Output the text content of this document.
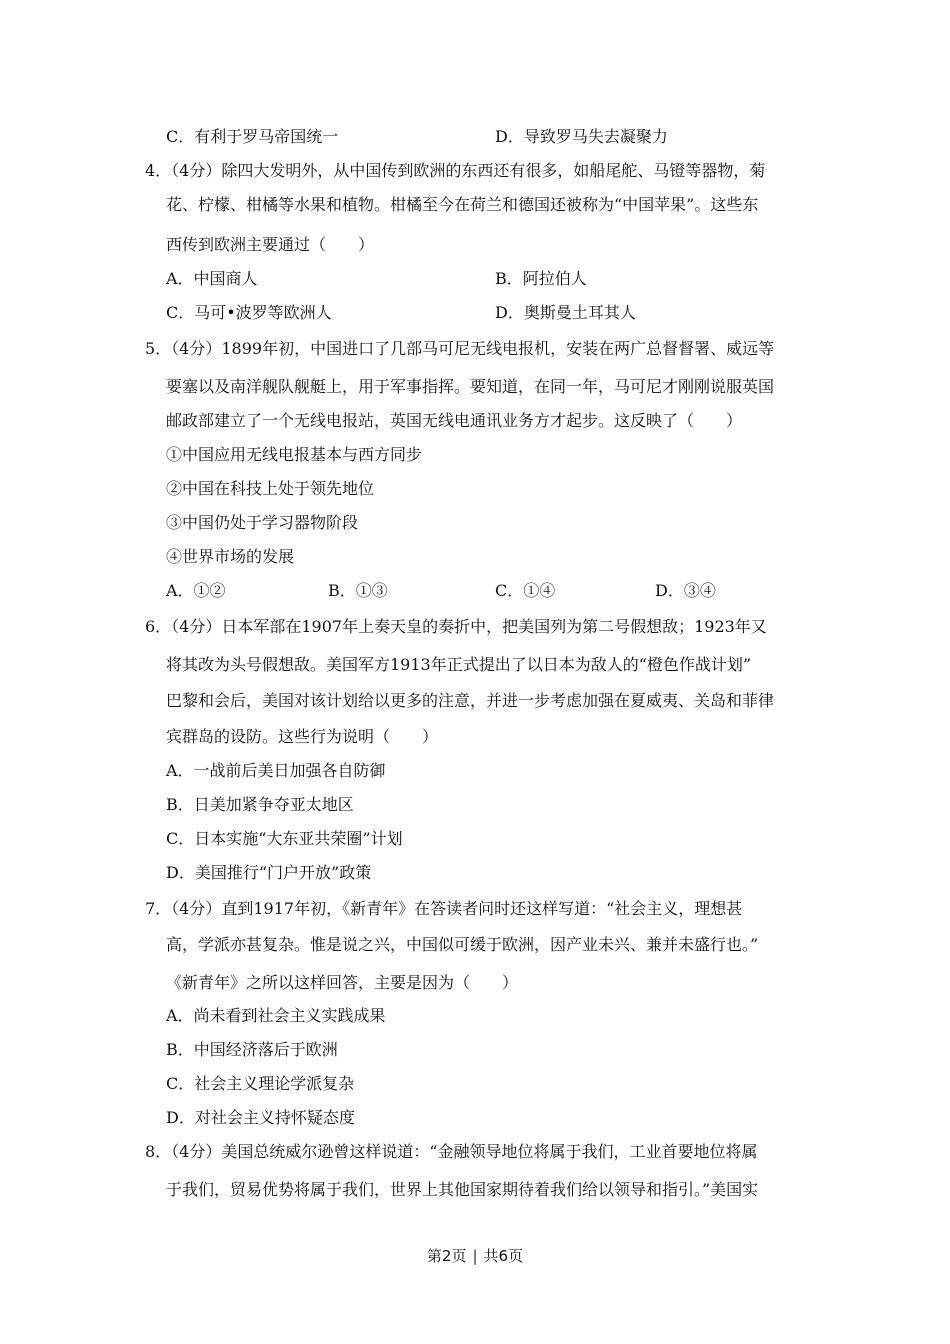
C．有利于罗马帝国统一	D．导致罗马失去凝聚力
4．（4分）除四大发明外，从中国传到欧洲的东西还有很多，如船尾舵、马镫等器物，菊
花、柠檬、柑橘等水果和植物。柑橘至今在荷兰和德国还被称为“中国苹果”。这些东
西传到欧洲主要通过（　　）
A．中国商人	B．阿拉伯人
C．马可•波罗等欧洲人	D．奥斯曼土耳其人
5．（4分）1899年初，中国进口了几部马可尼无线电报机，安装在两广总督督署、威远等
要塞以及南洋舰队舰艇上，用于军事指挥。要知道，在同一年，马可尼才刚刚说服英国
邮政部建立了一个无线电报站，英国无线电通讯业务方才起步。这反映了（　　）
①中国应用无线电报基本与西方同步
②中国在科技上处于领先地位
③中国仍处于学习器物阶段
④世界市场的发展
A．①②	B．①③	C．①④	D．③④
6．（4分）日本军部在1907年上奏天皇的奏折中，把美国列为第二号假想敌；1923年又
将其改为头号假想敌。美国军方1913年正式提出了以日本为敌人的“橙色作战计划”
巴黎和会后，美国对该计划给以更多的注意，并进一步考虑加强在夏威夷、关岛和菲律
宾群岛的设防。这些行为说明（　　）
A．一战前后美日加强各自防御
B．日美加紧争夺亚太地区
C．日本实施“大东亚共荣圈”计划
D．美国推行“门户开放”政策
7．（4分）直到1917年初，《新青年》在答读者问时还这样写道：“社会主义，理想甚
高，学派亦甚复杂。惟是说之兴，中国似可缓于欧洲，因产业未兴、兼并未盛行也。”
《新青年》之所以这样回答，主要是因为（　　）
A．尚未看到社会主义实践成果
B．中国经济落后于欧洲
C．社会主义理论学派复杂
D．对社会主义持怀疑态度
8．（4分）美国总统威尔逊曾这样说道：“金融领导地位将属于我们，工业首要地位将属
于我们，贸易优势将属于我们，世界上其他国家期待着我们给以领导和指引。”美国实
第2页 | 共6页
